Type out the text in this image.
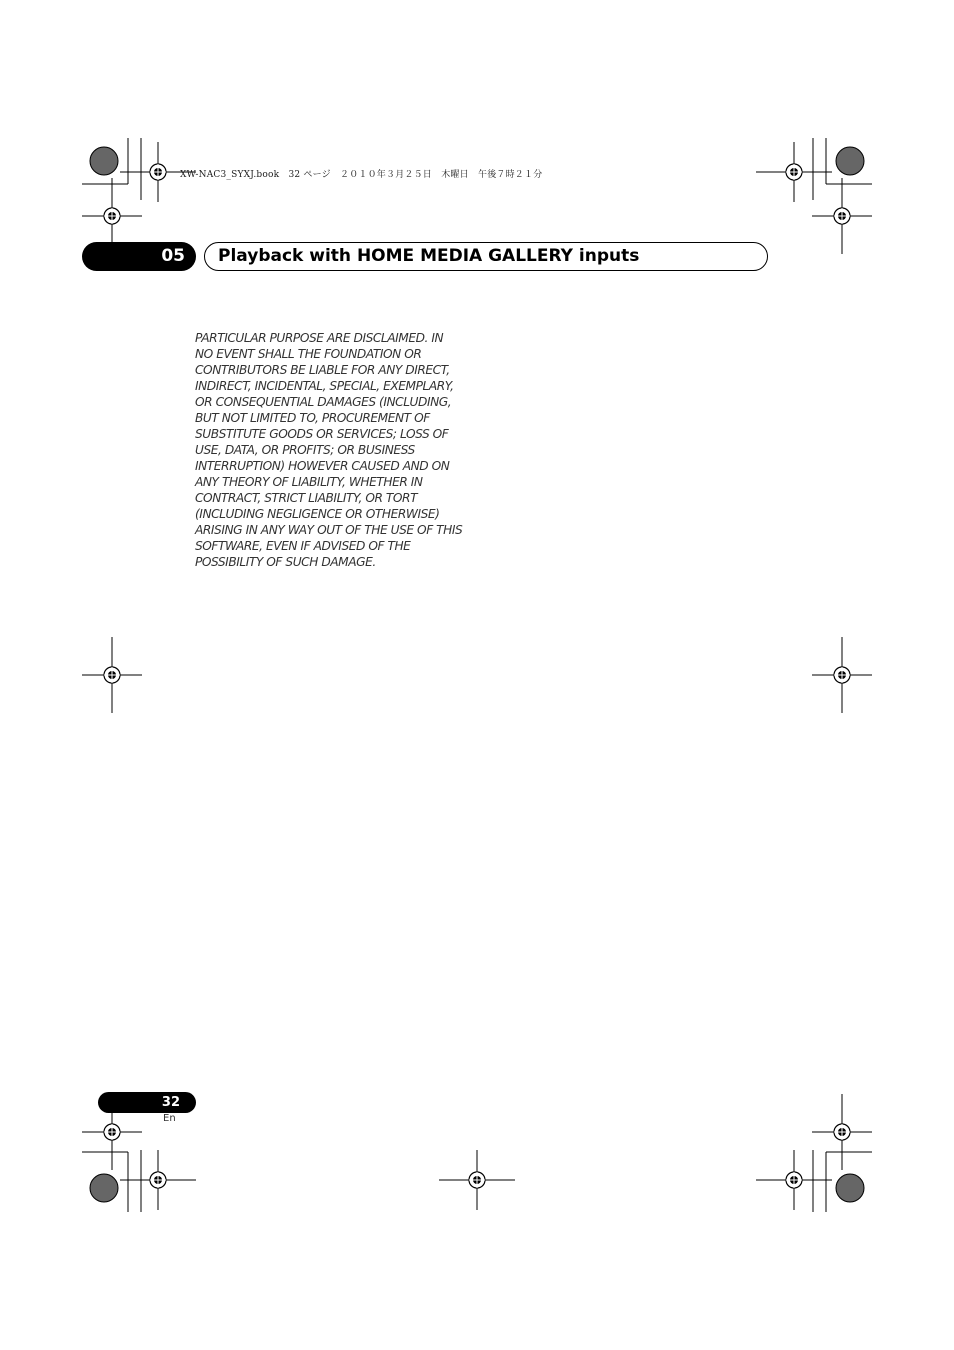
XW-NAC3_SYXJ.book　32 ページ　２０１０年３月２５日　木曜日　午後７時２１分
05	Playback with HOME MEDIA GALLERY inputs
PARTICULAR PURPOSE ARE DISCLAIMED. IN
NO EVENT SHALL THE FOUNDATION OR
CONTRIBUTORS BE LIABLE FOR ANY DIRECT,
INDIRECT, INCIDENTAL, SPECIAL, EXEMPLARY,
OR CONSEQUENTIAL DAMAGES (INCLUDING,
BUT NOT LIMITED TO, PROCUREMENT OF
SUBSTITUTE GOODS OR SERVICES; LOSS OF
USE, DATA, OR PROFITS; OR BUSINESS
INTERRUPTION) HOWEVER CAUSED AND ON
ANY THEORY OF LIABILITY, WHETHER IN
CONTRACT, STRICT LIABILITY, OR TORT
(INCLUDING NEGLIGENCE OR OTHERWISE)
ARISING IN ANY WAY OUT OF THE USE OF THIS
SOFTWARE, EVEN IF ADVISED OF THE
POSSIBILITY OF SUCH DAMAGE.
32
En
